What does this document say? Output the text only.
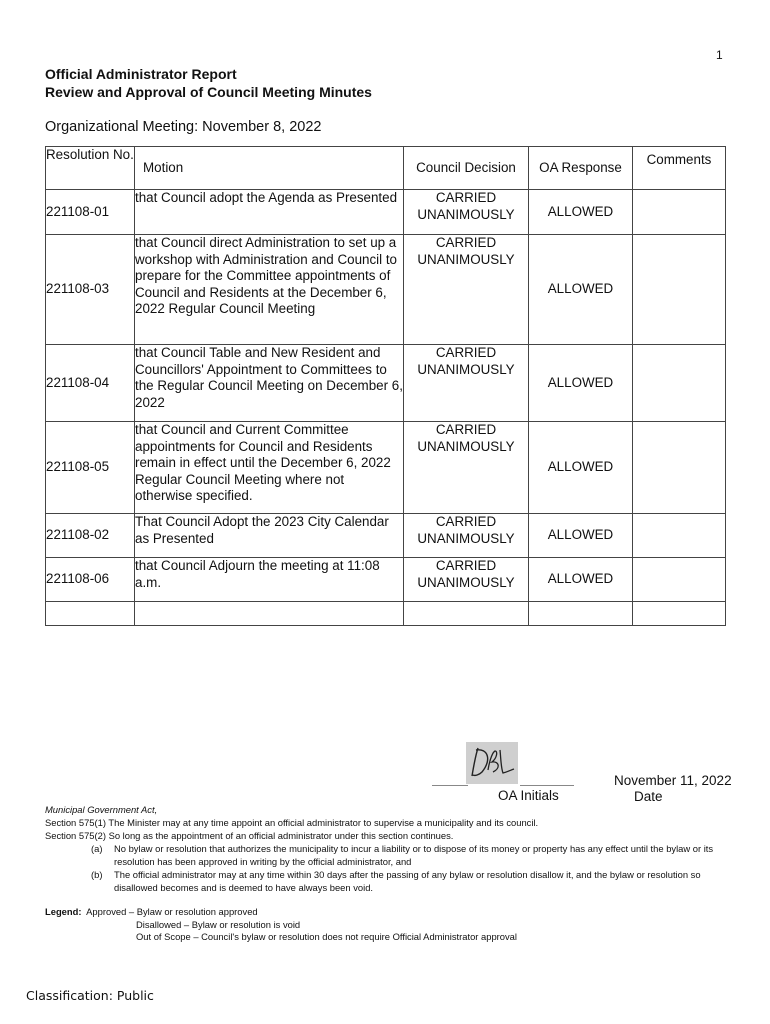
1
Official Administrator Report
Review and Approval of Council Meeting Minutes
Organizational Meeting: November 8, 2022
Resolution No.	Motion	Council Decision	OA Response	Comments
221108-01	that Council adopt the Agenda as Presented	CARRIED UNANIMOUSLY	ALLOWED	
221108-03	that Council direct Administration to set up a workshop with Administration and Council to prepare for the Committee appointments of Council and Residents at the December 6, 2022 Regular Council Meeting	CARRIED UNANIMOUSLY	ALLOWED	
221108-04	that Council Table and New Resident and Councillors' Appointment to Committees to the Regular Council Meeting on December 6, 2022	CARRIED UNANIMOUSLY	ALLOWED	
221108-05	that Council and Current Committee appointments for Council and Residents remain in effect until the December 6, 2022 Regular Council Meeting where not otherwise specified.	CARRIED UNANIMOUSLY	ALLOWED	
221108-02	That Council Adopt the 2023 City Calendar as Presented	CARRIED UNANIMOUSLY	ALLOWED	
221108-06	that Council Adjourn the meeting at 11:08 a.m.	CARRIED UNANIMOUSLY	ALLOWED	

OA Initials
November 11, 2022
Date
Municipal Government Act,
Section 575(1) The Minister may at any time appoint an official administrator to supervise a municipality and its council.
Section 575(2) So long as the appointment of an official administrator under this section continues.
(a)	No bylaw or resolution that authorizes the municipality to incur a liability or to dispose of its money or property has any effect until the bylaw or its resolution has been approved in writing by the official administrator, and
(b)	The official administrator may at any time within 30 days after the passing of any bylaw or resolution disallow it, and the bylaw or resolution so disallowed becomes and is deemed to have always been void.
Legend: Approved – Bylaw or resolution approved
Disallowed – Bylaw or resolution is void
Out of Scope – Council's bylaw or resolution does not require Official Administrator approval
Classification: Public
